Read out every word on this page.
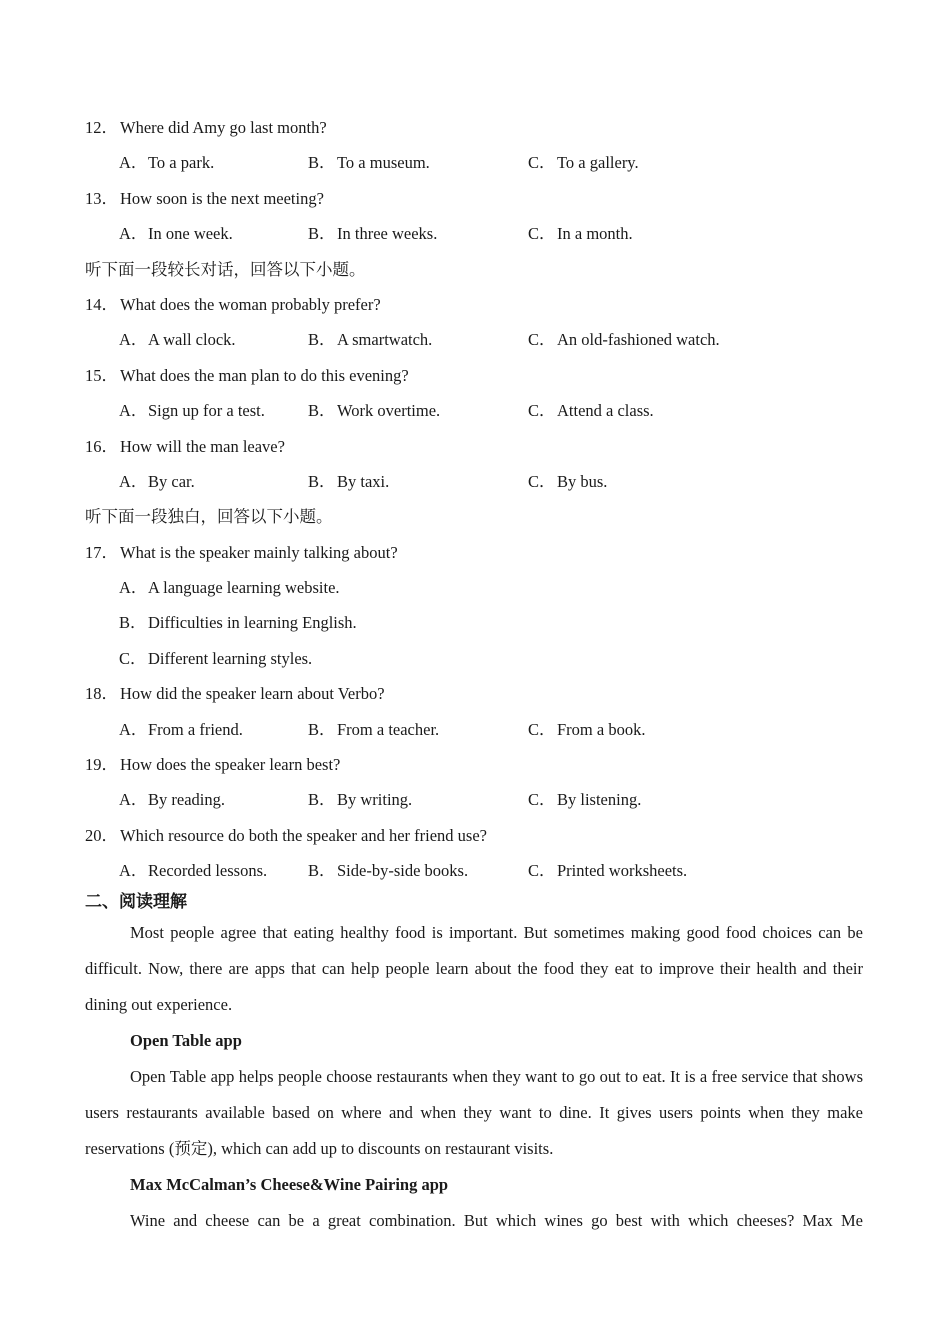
12． Where did Amy go last month?
A．To a park.	B．To a museum.	C．To a gallery.
13． How soon is the next meeting?
A．In one week.	B．In three weeks.	C．In a month.
听下面一段较长对话，回答以下小题。
14． What does the woman probably prefer?
A．A wall clock.	B．A smartwatch.	C．An old-fashioned watch.
15． What does the man plan to do this evening?
A．Sign up for a test.	B．Work overtime.	C．Attend a class.
16． How will the man leave?
A．By car.	B．By taxi.	C．By bus.
听下面一段独白，回答以下小题。
17． What is the speaker mainly talking about?
A．A language learning website.
B．Difficulties in learning English.
C．Different learning styles.
18． How did the speaker learn about Verbo?
A．From a friend.	B．From a teacher.	C．From a book.
19． How does the speaker learn best?
A．By reading.	B．By writing.	C．By listening.
20． Which resource do both the speaker and her friend use?
A．Recorded lessons. B．Side-by-side books.	C．Printed worksheets.
二、阅读理解

Most people agree that eating healthy food is important. But sometimes making good food choices can be difficult. Now, there are apps that can help people learn about the food they eat to improve their health and their dining out experience.

Open Table app

Open Table app helps people choose restaurants when they want to go out to eat. It is a free service that shows users restaurants available based on where and when they want to dine. It gives users points when they make reservations (预定), which can add up to discounts on restaurant visits.

Max McCalman’s Cheese&Wine Pairing app

Wine and cheese can be a great combination. But which wines go best with which cheeses? Max Me
